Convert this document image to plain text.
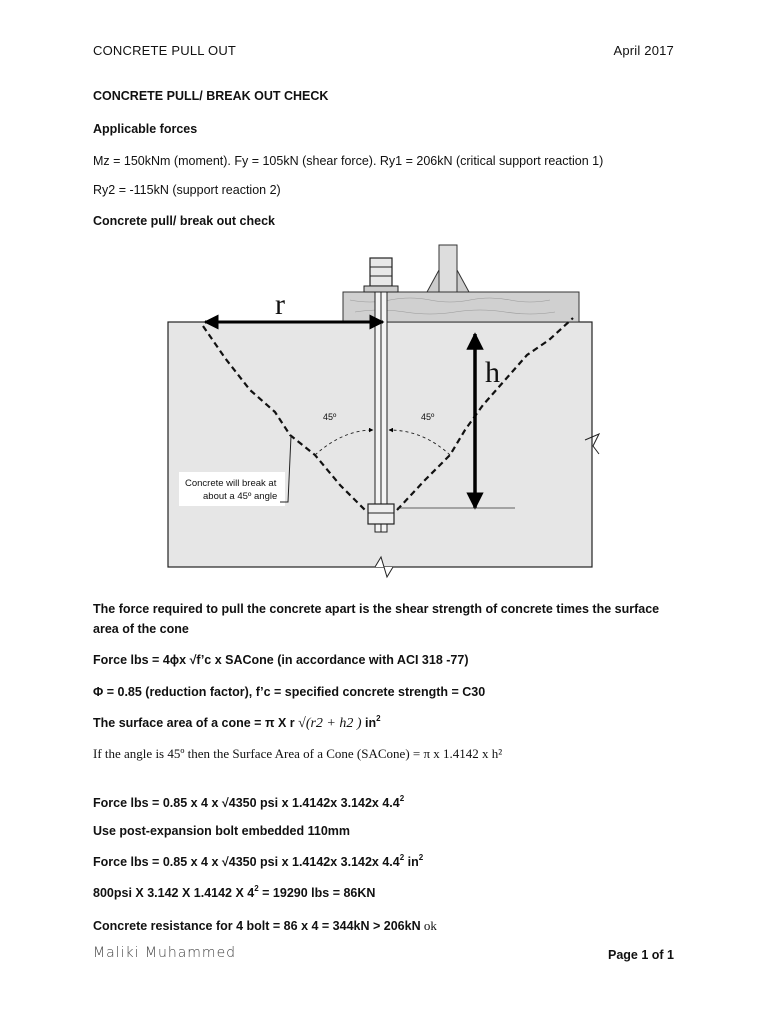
CONCRETE PULL OUT	April 2017
CONCRETE PULL/ BREAK OUT CHECK
Applicable forces
Mz = 150kNm (moment). Fy = 105kN (shear force). Ry1 = 206kN (critical support reaction 1)
Ry2 = -115kN (support reaction 2)
Concrete pull/ break out check
r
h
45º	45º
Concrete will break at
about a 45º angle
The force required to pull the concrete apart is the shear strength of concrete times the surface
area of the cone
Force lbs = 4ϕx √f’c x SACone (in accordance with ACI 318 -77)
Φ = 0.85 (reduction factor), f’c = specified concrete strength = C30
The surface area of a cone = π X r √(r2 + h2 ) $in^2$
If the angle is 45º then the Surface Area of a Cone (SACone) = π x 1.4142 x h²
Force lbs = 0.85 x 4 x √4350 psi x 1.4142x 3.142x $4.4^2$
Use post-expansion bolt embedded 110mm
Force lbs = 0.85 x 4 x √4350 psi x 1.4142x 3.142x $4.4^2$ $in^2$
800psi X 3.142 X 1.4142 X $4^2 = 19290$ lbs = 86KN
Concrete resistance for 4 bolt = 86 x 4 = 344kN > 206kN ok
Maliki Muhammed	Page 1 of 1
